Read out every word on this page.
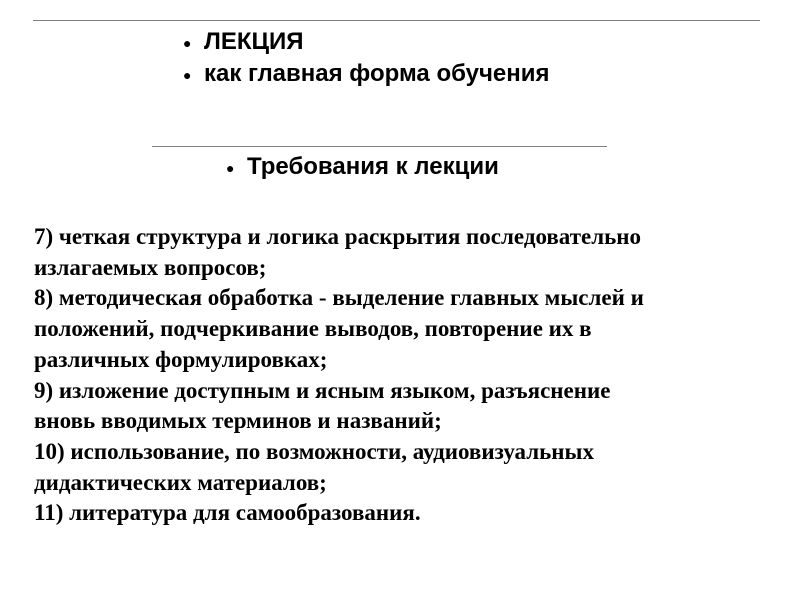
● ЛЕКЦИЯ
● как главная форма обучения
● Требования к лекции
7) четкая структура и логика раскрытия последовательно
излагаемых вопросов;
8) методическая обработка - выделение главных мыслей и
положений, подчеркивание выводов, повторение их в
различных формулировках;
9) изложение доступным и ясным языком, разъяснение
вновь вводимых терминов и названий;
10) использование, по возможности, аудиовизуальных
дидактических материалов;
11) литература для самообразования.
